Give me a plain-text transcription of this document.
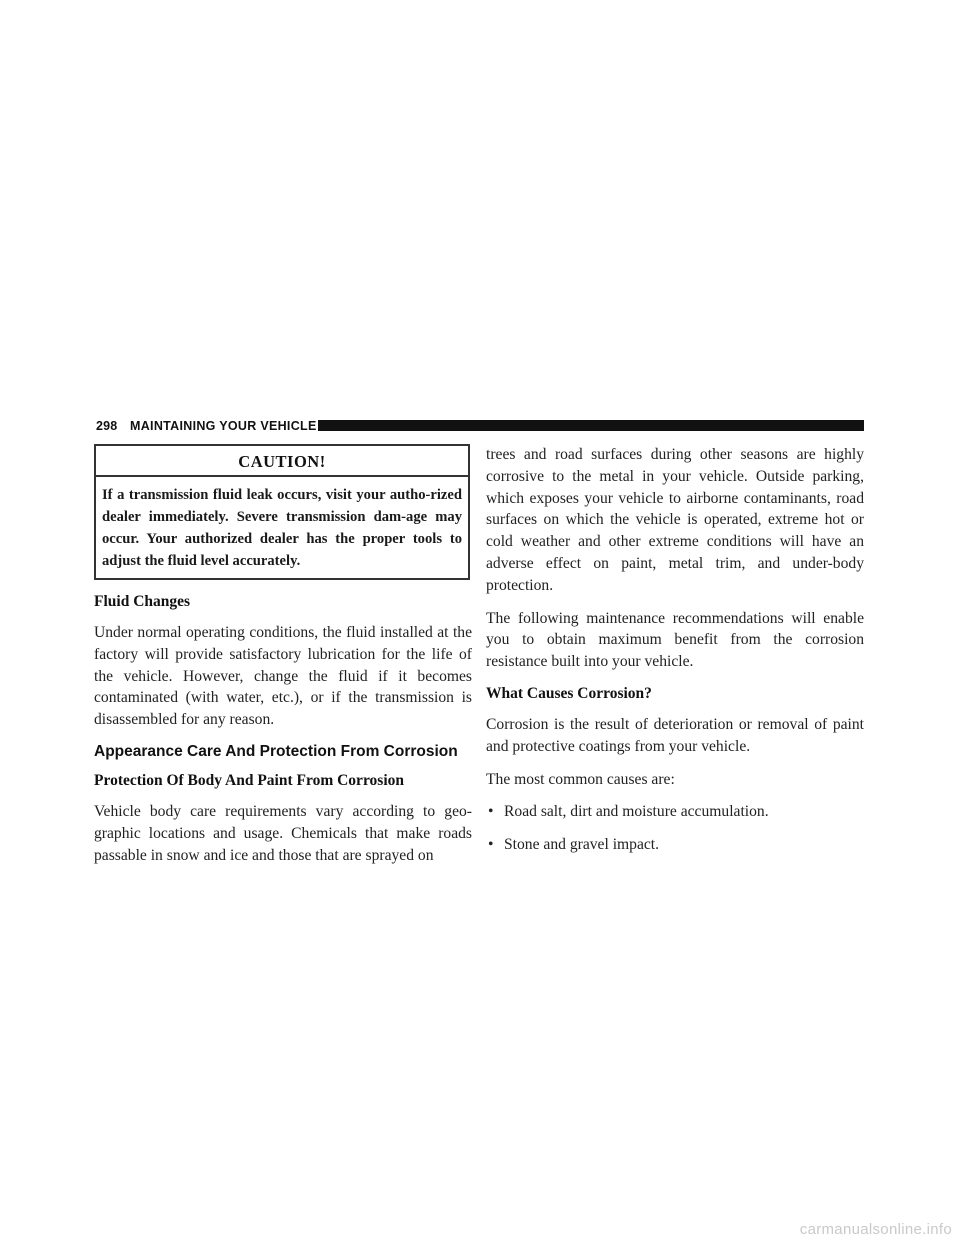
298 MAINTAINING YOUR VEHICLE
CAUTION!
If a transmission fluid leak occurs, visit your autho-rized dealer immediately. Severe transmission dam-age may occur. Your authorized dealer has the proper tools to adjust the fluid level accurately.
Fluid Changes

Under normal operating conditions, the fluid installed at the factory will provide satisfactory lubrication for the life of the vehicle. However, change the fluid if it becomes contaminated (with water, etc.), or if the transmission is disassembled for any reason.

Appearance Care And Protection From Corrosion
Protection Of Body And Paint From Corrosion

Vehicle body care requirements vary according to geo-graphic locations and usage. Chemicals that make roads passable in snow and ice and those that are sprayed on

trees and road surfaces during other seasons are highly corrosive to the metal in your vehicle. Outside parking, which exposes your vehicle to airborne contaminants, road surfaces on which the vehicle is operated, extreme hot or cold weather and other extreme conditions will have an adverse effect on paint, metal trim, and under-body protection.

The following maintenance recommendations will enable you to obtain maximum benefit from the corrosion resistance built into your vehicle.

What Causes Corrosion?

Corrosion is the result of deterioration or removal of paint and protective coatings from your vehicle.

The most common causes are:

• Road salt, dirt and moisture accumulation.
• Stone and gravel impact.
carmanualsonline.info
